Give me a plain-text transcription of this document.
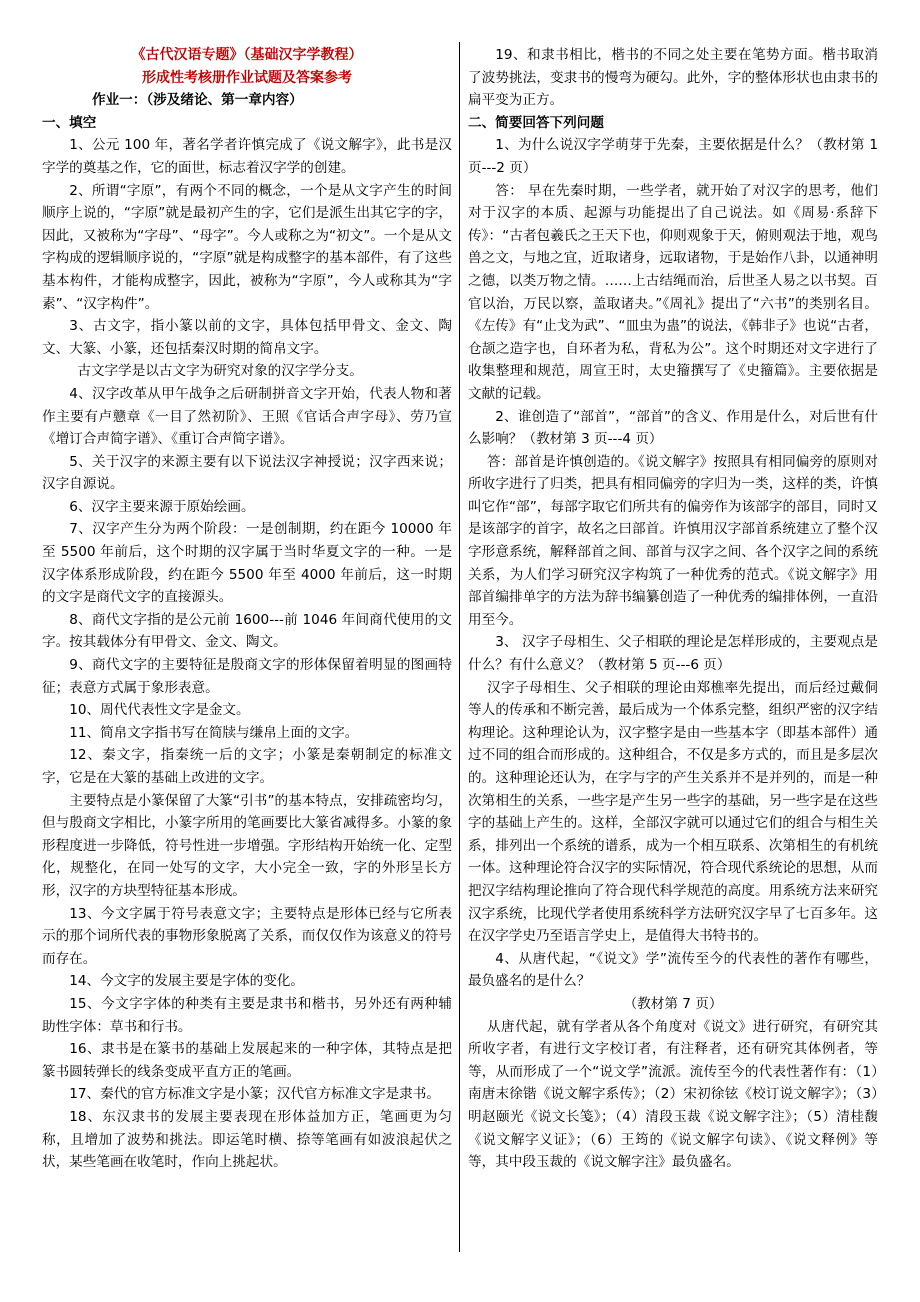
《古代汉语专题》（基础汉字学教程）

形成性考核册作业试题及答案参考

作业一：（涉及绪论、第一章内容）

一、填空

1、公元 100 年，著名学者许慎完成了《说文解字》，此书是汉字学的奠基之作，它的面世，标志着汉字学的创建。

2、所谓“字原”，有两个不同的概念，一个是从文字产生的时间顺序上说的，“字原”就是最初产生的字，它们是派生出其它字的字，因此，又被称为“字母”、“母字”。今人或称之为“初文”。一个是从文字构成的逻辑顺序说的，“字原”就是构成整字的基本部件，有了这些基本构件，才能构成整字，因此，被称为“字原”，今人或称其为“字素”、“汉字构件”。

3、古文字，指小篆以前的文字，具体包括甲骨文、金文、陶文、大篆、小篆，还包括秦汉时期的简帛文字。

古文字学是以古文字为研究对象的汉字学分支。

4、汉字改革从甲午战争之后研制拼音文字开始，代表人物和著作主要有卢戆章《一目了然初阶》、王照《官话合声字母》、劳乃宣《增订合声简字谱》、《重订合声简字谱》。

5、关于汉字的来源主要有以下说法汉字神授说；汉字西来说；汉字自源说。

6、汉字主要来源于原始绘画。

7、汉字产生分为两个阶段：一是创制期，约在距今 10000 年至 5500 年前后，这个时期的汉字属于当时华夏文字的一种。一是汉字体系形成阶段，约在距今 5500 年至 4000 年前后，这一时期的文字是商代文字的直接源头。

8、商代文字指的是公元前 1600---前 1046 年间商代使用的文字。按其载体分有甲骨文、金文、陶文。

9、商代文字的主要特征是殷商文字的形体保留着明显的图画特征；表意方式属于象形表意。

10、周代代表性文字是金文。

11、简帛文字指书写在简牍与缣帛上面的文字。

12、秦文字，指秦统一后的文字；小篆是秦朝制定的标准文字，它是在大篆的基础上改进的文字。

主要特点是小篆保留了大篆“引书”的基本特点，安排疏密均匀，但与殷商文字相比，小篆字所用的笔画要比大篆省减得多。小篆的象形程度进一步降低，符号性进一步增强。字形结构开始统一化、定型化，规整化，在同一处写的文字，大小完全一致，字的外形呈长方形，汉字的方块型特征基本形成。

13、今文字属于符号表意文字；主要特点是形体已经与它所表示的那个词所代表的事物形象脱离了关系，而仅仅作为该意义的符号而存在。

14、今文字的发展主要是字体的变化。

15、今文字字体的种类有主要是隶书和楷书，另外还有两种辅助性字体：草书和行书。

16、隶书是在篆书的基础上发展起来的一种字体，其特点是把篆书圆转弹长的线条变成平直方正的笔画。

17、秦代的官方标准文字是小篆；汉代官方标准文字是隶书。

18、东汉隶书的发展主要表现在形体益加方正，笔画更为匀称，且增加了波势和挑法。即运笔时横、捺等笔画有如波浪起伏之状，某些笔画在收笔时，作向上挑起状。

19、和隶书相比，楷书的不同之处主要在笔势方面。楷书取消了波势挑法，变隶书的慢弯为硬勾。此外，字的整体形状也由隶书的扁平变为正方。

二、简要回答下列问题

1、为什么说汉字学萌芽于先秦，主要依据是什么？（教材第 1 页---2 页）

答： 早在先秦时期，一些学者，就开始了对汉字的思考，他们对于汉字的本质、起源与功能提出了自己说法。如《周易·系辞下传》：“古者包羲氏之王天下也，仰则观象于天，俯则观法于地，观鸟兽之文，与地之宜，近取诸身，远取诸物，于是始作八卦，以通神明之德，以类万物之情。……上古结绳而治，后世圣人易之以书契。百官以治，万民以察，盖取诸夬。”《周礼》提出了“六书”的类别名目。《左传》有“止戈为武”、“皿虫为蛊”的说法，《韩非子》也说“古者，仓颉之造字也，自环者为私，背私为公”。这个时期还对文字进行了收集整理和规范，周宣王时，太史籀撰写了《史籀篇》。主要依据是文献的记载。

2、谁创造了“部首”，“部首”的含义、作用是什么，对后世有什么影响？（教材第 3 页---4 页）

答：部首是许慎创造的。《说文解字》按照具有相同偏旁的原则对所收字进行了归类，把具有相同偏旁的字归为一类，这样的类，许慎叫它作“部”，每部字取它们所共有的偏旁作为该部字的部目，同时又是该部字的首字，故名之曰部首。许慎用汉字部首系统建立了整个汉字形意系统，解释部首之间、部首与汉字之间、各个汉字之间的系统关系，为人们学习研究汉字构筑了一种优秀的范式。《说文解字》用部首编排单字的方法为辞书编纂创造了一种优秀的编排体例，一直沿用至今。

3、 汉字子母相生、父子相联的理论是怎样形成的，主要观点是什么？有什么意义？（教材第 5 页---6 页）

汉字子母相生、父子相联的理论由郑樵率先提出，而后经过戴侗等人的传承和不断完善，最后成为一个体系完整，组织严密的汉字结构理论。这种理论认为，汉字整字是由一些基本字（即基本部件）通过不同的组合而形成的。这种组合，不仅是多方式的，而且是多层次的。这种理论还认为，在字与字的产生关系并不是并列的，而是一种次第相生的关系，一些字是产生另一些字的基础，另一些字是在这些字的基础上产生的。这样，全部汉字就可以通过它们的组合与相生关系，排列出一个系统的谱系，成为一个相互联系、次第相生的有机统一体。这种理论符合汉字的实际情况，符合现代系统论的思想，从而把汉字结构理论推向了符合现代科学规范的高度。用系统方法来研究汉字系统，比现代学者使用系统科学方法研究汉字早了七百多年。这在汉字学史乃至语言学史上，是值得大书特书的。

4、从唐代起，“《说文》学”流传至今的代表性的著作有哪些，最负盛名的是什么？

（教材第 7 页）

从唐代起，就有学者从各个角度对《说文》进行研究，有研究其所收字者，有进行文字校订者，有注释者，还有研究其体例者，等等，从而形成了一个“说文学”流派。流传至今的代表性著作有：（1）南唐末徐锴《说文解字系传》；（2）宋初徐铉《校订说文解字》；（3）明赵颐光《说文长笺》；（4）清段玉裁《说文解字注》；（5）清桂馥《说文解字义证》；（6）王筠的《说文解字句读》、《说文释例》等等，其中段玉裁的《说文解字注》最负盛名。
